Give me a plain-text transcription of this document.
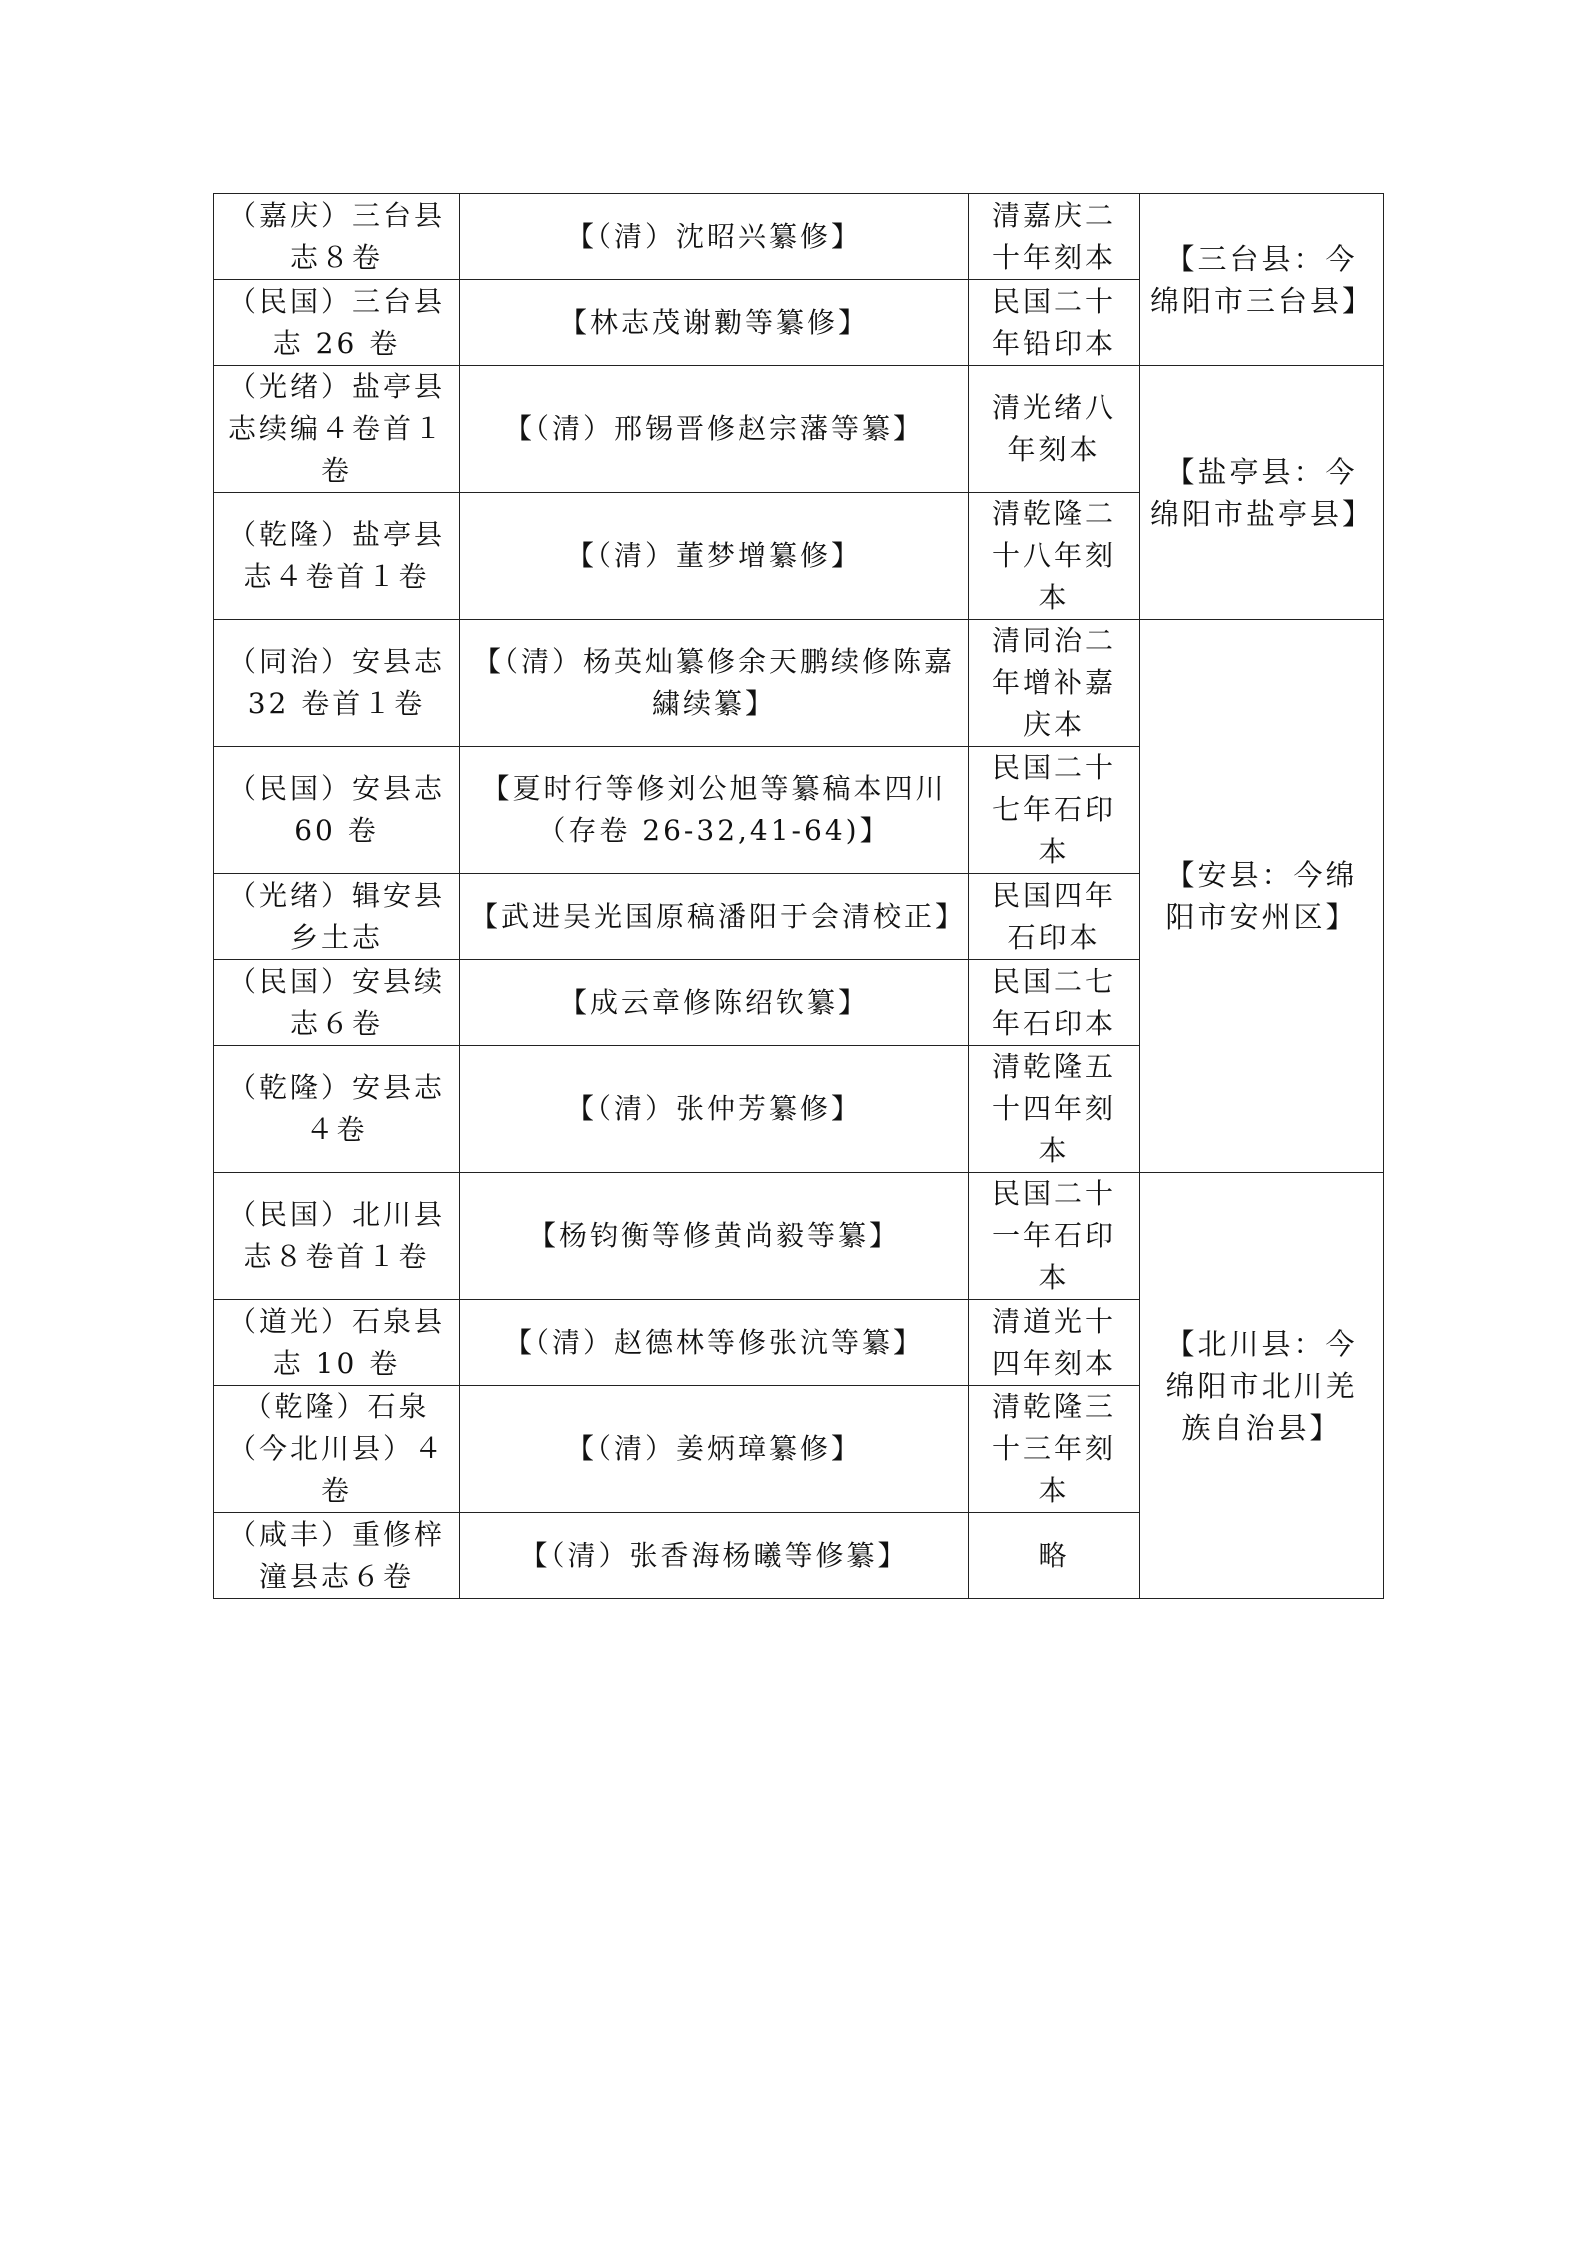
（嘉庆）三台县志８卷	【（清）沈昭兴纂修】	清嘉庆二十年刻本	【三台县：今绵阳市三台县】
（民国）三台县志 26 卷	【林志茂谢勷等纂修】	民国二十年铅印本	
（光绪）盐亭县志续编４卷首１卷	【（清）邢锡晋修赵宗藩等纂】	清光绪八年刻本	【盐亭县：今绵阳市盐亭县】
（乾隆）盐亭县志４卷首１卷	【（清）董梦增纂修】	清乾隆二十八年刻本	
（同治）安县志 32 卷首１卷	【（清）杨英灿纂修余天鹏续修陈嘉繍续纂】	清同治二年增补嘉庆本	【安县：今绵阳市安州区】
（民国）安县志 60 卷	【夏时行等修刘公旭等纂稿本四川（存卷 26-32,41-64)】	民国二十七年石印本	
（光绪）辑安县乡土志	【武进吴光国原稿潘阳于会清校正】	民国四年石印本	
（民国）安县续志６卷	【成云章修陈绍钦纂】	民国二七年石印本	
（乾隆）安县志４卷	【（清）张仲芳纂修】	清乾隆五十四年刻本	
（民国）北川县志８卷首１卷	【杨钧衡等修黄尚毅等纂】	民国二十一年石印本	【北川县：今绵阳市北川羌族自治县】
（道光）石泉县志 10 卷	【（清）赵德林等修张沆等纂】	清道光十四年刻本	
（乾隆）石泉（今北川县）４卷	【（清）姜炳璋纂修】	清乾隆三十三年刻本	
（咸丰）重修梓潼县志６卷	【（清）张香海杨曦等修纂】	略	
